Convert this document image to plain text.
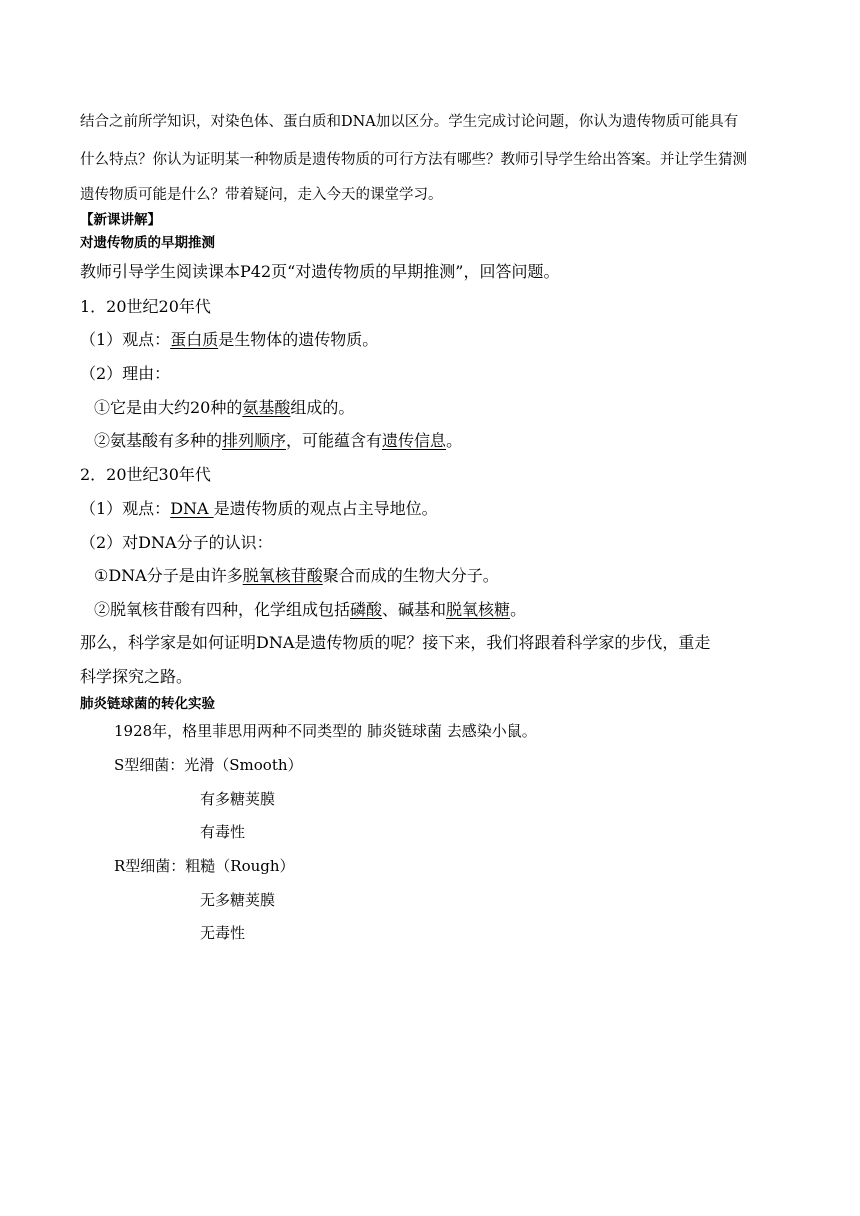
结合之前所学知识，对染色体、蛋白质和DNA加以区分。学生完成讨论问题，你认为遗传物质可能具有
什么特点？你认为证明某一种物质是遗传物质的可行方法有哪些？教师引导学生给出答案。并让学生猜测
遗传物质可能是什么？带着疑问，走入今天的课堂学习。
【新课讲解】
对遗传物质的早期推测
教师引导学生阅读课本P42页“对遗传物质的早期推测”，回答问题。
1．20世纪20年代
（1）观点：蛋白质是生物体的遗传物质。
（2）理由：
①它是由大约20种的氨基酸组成的。
②氨基酸有多种的排列顺序，可能蕴含有遗传信息。
2．20世纪30年代
（1）观点：DNA 是遗传物质的观点占主导地位。
（2）对DNA分子的认识：
①DNA分子是由许多脱氧核苷酸聚合而成的生物大分子。
②脱氧核苷酸有四种，化学组成包括磷酸、碱基和脱氧核糖。
那么，科学家是如何证明DNA是遗传物质的呢？接下来，我们将跟着科学家的步伐，重走
科学探究之路。
肺炎链球菌的转化实验
1928年，格里菲思用两种不同类型的 肺炎链球菌 去感染小鼠。
S型细菌：光滑（Smooth）
有多糖荚膜
有毒性
R型细菌：粗糙（Rough）
无多糖荚膜
无毒性
